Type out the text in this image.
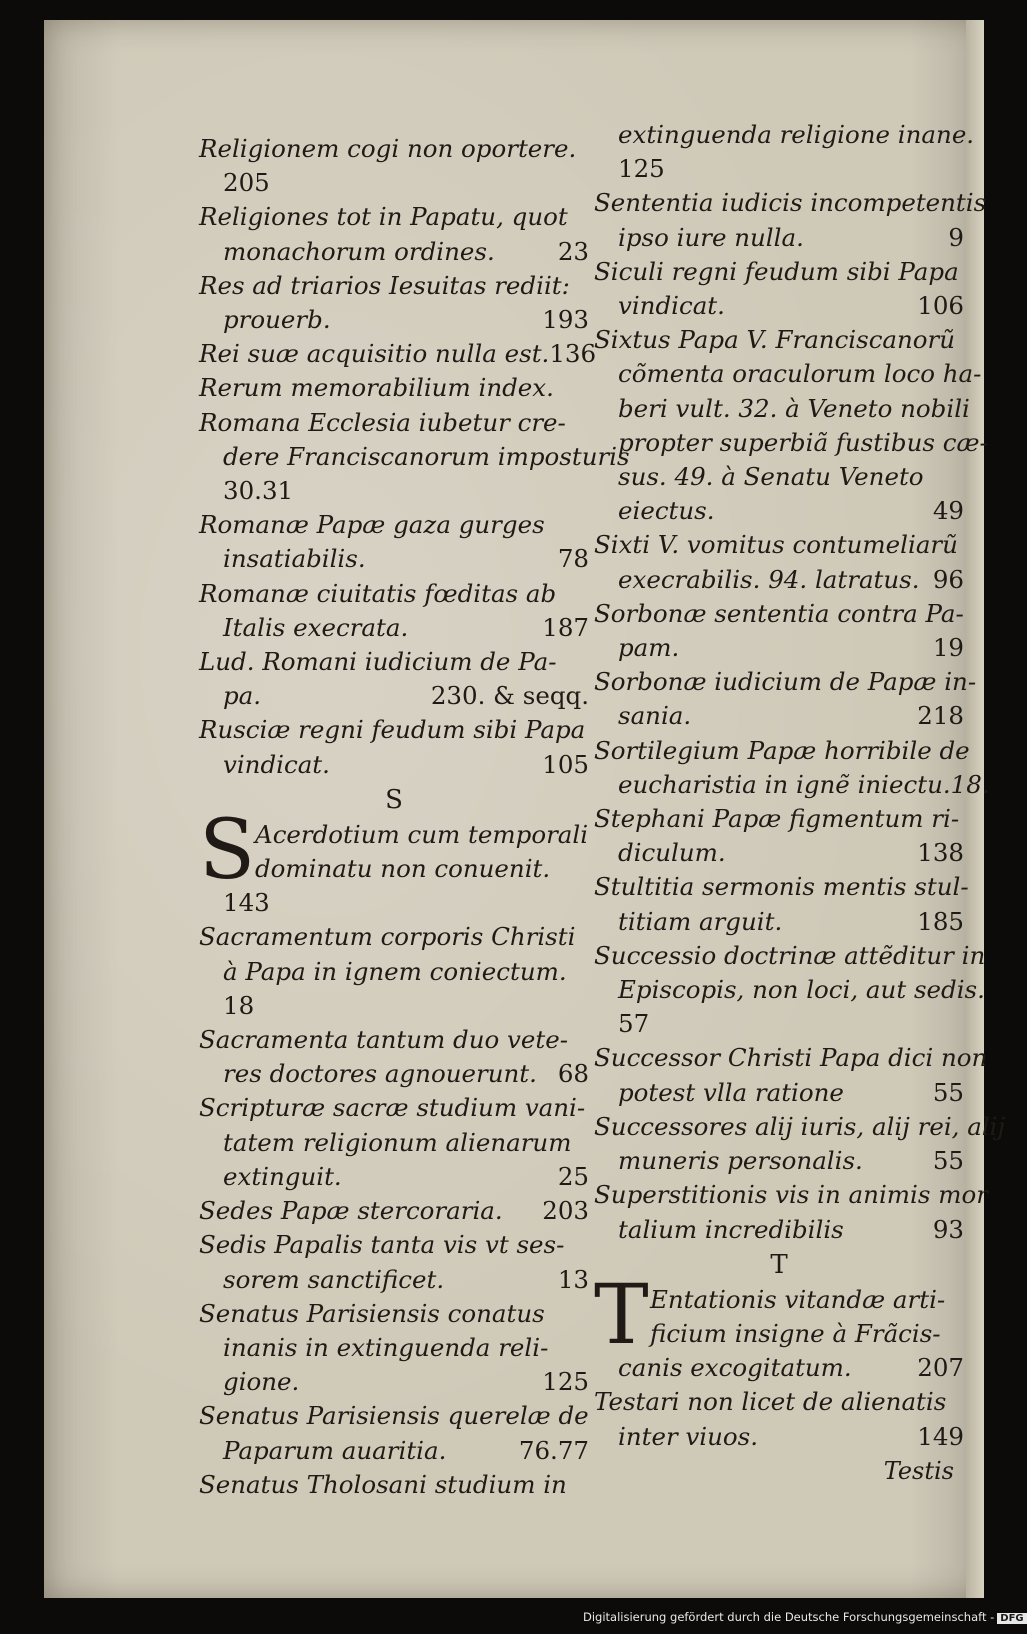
Religionem cogi non oportere.
205
Religiones tot in Papatu, quot
monachorum ordines.	23
Res ad triarios Iesuitas rediit:
prouerb.	193
Rei suæ acquisitio nulla est. 136
Rerum memorabilium index.
Romana Ecclesia iubetur cre-
dere Franciscanorum imposturis
30.31
Romanæ Papæ gaza gurges
insatiabilis.	78
Romanæ ciuitatis fœditas ab
Italis execrata.	187
Lud. Romani iudicium de Pa-
pa.	230. & seqq.
Rusciæ regni feudum sibi Papa
vindicat.	105
S
S Acerdotium cum temporali
dominatu non conuenit.
143
Sacramentum corporis Christi
à Papa in ignem coniectum.
18
Sacramenta tantum duo vete-
res doctores agnouerunt. 68
Scripturæ sacræ studium vani-
tatem religionum alienarum
extinguit.	25
Sedes Papæ stercoraria. 203
Sedis Papalis tanta vis vt ses-
sorem sanctificet.	13
Senatus Parisiensis conatus
inanis in extinguenda reli-
gione.	125
Senatus Parisiensis querelæ de
Paparum auaritia.	76.77
Senatus Tholosani studium in
extinguenda religione inane.
125
Sententia iudicis incompetentis
ipso iure nulla.	9
Siculi regni feudum sibi Papa
vindicat.	106
Sixtus Papa V. Franciscanorũ
cõmenta oraculorum loco ha-
beri vult. 32. à Veneto nobili
propter superbiã fustibus cæ-
sus. 49. à Senatu Veneto
eiectus.	49
Sixti V. vomitus contumeliarũ
execrabilis. 94. latratus. 96
Sorbonæ sententia contra Pa-
pam.	19
Sorbonæ iudicium de Papæ in-
sania.	218
Sortilegium Papæ horribile de
eucharistia in ignẽ iniectu.18.
Stephani Papæ figmentum ri-
diculum.	138
Stultitia sermonis mentis stul-
titiam arguit.	185
Successio doctrinæ attẽditur in
Episcopis, non loci, aut sedis.
57
Successor Christi Papa dici non
potest vlla ratione	55
Successores alij iuris, alij rei, alij
muneris personalis.	55
Superstitionis vis in animis mor
talium incredibilis	93
T
T Entationis vitandæ arti-
ficium insigne à Frãcis-
canis excogitatum.	207
Testari non licet de alienatis
inter viuos.	149
Testis
Digitalisierung gefördert durch die Deutsche Forschungsgemeinschaft - DFG
